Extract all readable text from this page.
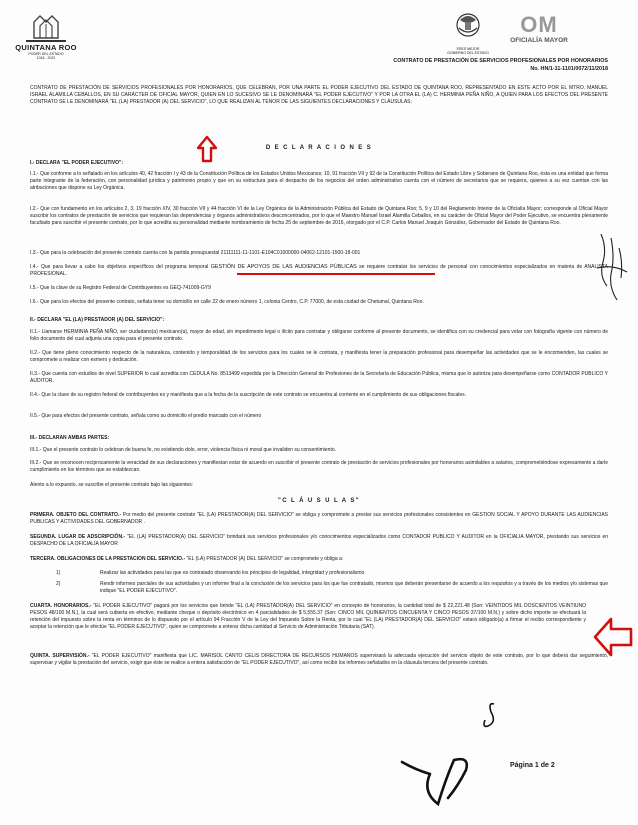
QUINTANA ROO
PODER DEL ESTADO
1016 - 2022
ERES MEJOR
GOBIERNO DEL ESTADO
OM
OFICIALÍA MAYOR
CONTRATO DE PRESTACIÓN DE SERVICIOS PROFESIONALES POR HONORARIOS
No. HN/1-11-1101/0072/11/2018
CONTRATO DE PRESTACIÓN DE SERVICIOS PROFESIONALES POR HONORARIOS, QUE CELEBRAN, POR UNA PARTE EL PODER EJECUTIVO DEL ESTADO DE QUINTANA ROO, REPRESENTADO EN ESTE ACTO POR EL MTRO. MANUEL ISRAEL ALAMILLA CEBALLOS, EN SU CARÁCTER DE OFICIAL MAYOR, QUIEN EN LO SUCESIVO SE LE DENOMINARÁ "EL PODER EJECUTIVO" Y POR LA OTRA EL (LA) C. HERMINIA PEÑA NIÑO, A QUIEN PARA LOS EFECTOS DEL PRESENTE CONTRATO SE LE DENOMINARÁ "EL (LA) PRESTADOR (A) DEL SERVICIO", LO QUE REALIZAN AL TENOR DE LAS SIGUIENTES DECLARACIONES Y CLÁUSULAS:
D E C L A R A C I O N E S
I.- DECLARA "EL PODER EJECUTIVO":
I.1.- Que conforme a lo señalado en los artículos 40, 42 fracción I y 43 de la Constitución Política de los Estados Unidos Mexicanos; 10, 91 fracción VII y 92 de la Constitución Política del Estado Libre y Soberano de Quintana Roo, ésta es una entidad que forma parte integrante de la federación, con personalidad jurídica y patrimonio propio y que en su estructura para el despacho de los negocios del orden administrativo cuenta con el número de secretarios que se requiera, quienes a su vez cuentan con las atribuciones que dispone su Ley Orgánica.
I.2.- Que con fundamento en los artículos 2, 3, 19 fracción XIV, 30 fracción VII y 44 fracción VI de la Ley Orgánica de la Administración Pública del Estado de Quintana Roo; 5, 9 y 10 del Reglamento Interior de la Oficialía Mayor; corresponde al Oficial Mayor suscribir los contratos de prestación de servicios que requieran las dependencias y órganos administrativos desconcentrados, por lo que el Maestro Manuel Israel Alamilla Ceballos, en su carácter de Oficial Mayor del Poder Ejecutivo, se encuentra plenamente facultado para suscribir el presente contrato, por lo que acredita su personalidad mediante nombramiento de fecha 25 de septiembre de 2016, otorgado por el C.P. Carlos Manuel Joaquín González, Gobernador del Estado de Quintana Roo.
I.3.- Que para la celebración del presente contrato cuenta con la partida presupuestal 21111111-11-1101-E104C01000000-04062-12101-1500-18-001
I.4.- Que para llevar a cabo los objetivos específicos del programa temporal GESTIÓN DE APOYOS DE LAS AUDIENCIAS PÚBLICAS se requiere contratar los servicios de personal con conocimientos especializados en materia de ANALISTA PROFESIONAL.
I.5.- Que la clave de su Registro Federal de Contribuyentes es GEQ-741009-GY9
I.6.- Que para los efectos del presente contrato, señala tener su domicilio en calle 22 de enero número 1, colonia Centro, C.P. 77000, de esta ciudad de Chetumal, Quintana Roo.
II.- DECLARA "EL (LA) PRESTADOR (A) DEL SERVICIO":
II.1.- Llamarse HERMINIA PEÑA NIÑO, ser ciudadano(a) mexicano(a), mayor de edad, sin impedimento legal o ilícito para contratar y obligarse conforme al presente documento, se identifica con su credencial para votar con fotografía vigente con número de folio documento del cual adjunta una copia para el presente contrato.
II.2.- Que tiene pleno conocimiento respecto de la naturaleza, contenido y temporalidad de los servicios para los cuales se le contrata, y manifiesta tener la preparación profesional para desempeñar las actividades que se le encomienden, las cuales se compromete a realizar con esmero y dedicación.
II.3.- Que cuenta con estudios de nivel SUPERIOR lo cual acredita con CEDULA No. 8513499 expedida por la Dirección General de Profesiones de la Secretaría de Educación Pública, misma que lo autoriza para desempeñarse como CONTADOR PUBLICO Y AUDITOR.
II.4.- Que la clave de su registro federal de contribuyentes es y manifiesta que a la fecha de la suscripción de este contrato se encuentra al corriente en el cumplimiento de sus obligaciones fiscales.
II.5.- Que para efectos del presente contrato, señala como su domicilio el predio marcado con el número
III.- DECLARAN AMBAS PARTES:
III.1.- Que el presente contrato lo celebran de buena fe, no existiendo dolo, error, violencia física ni moral que invaliden su consentimiento.
III.2.- Que se reconocen recíprocamente la veracidad de sus declaraciones y manifiestan estar de acuerdo en suscribir el presente contrato de prestación de servicios profesionales por honorarios asimilables a salarios, comprometiéndose expresamente a darle cumplimiento en los términos que se establezcan.
Atento a lo expuesto, se suscribe el presente contrato bajo las siguientes:
"C L Á U S U L A S"
PRIMERA. OBJETO DEL CONTRATO.- Por medio del presente contrato "EL (LA) PRESTADOR(A) DEL SERVICIO" se obliga y compromete a prestar sus servicios profesionales consistentes en GESTION SOCIAL Y APOYO DURANTE LAS AUDIENCIAS PUBLICAS Y ACTIVIDADES DEL GOBERNADOR .
SEGUNDA. LUGAR DE ADSCRIPCIÓN.- "EL (LA) PRESTADOR(A) DEL SERVICIO" brindará sus servicios profesionales y/o conocimientos especializados como CONTADOR PUBLICO Y AUDITOR en la OFICIALIA MAYOR, prestando sus servicios en DESPACHO DE LA OFICIALÍA MAYOR
TERCERA. OBLIGACIONES DE LA PRESTACION DEL SERVICIO.- "EL (LA) PRESTADOR (A) DEL SERVICIO" se compromete y obliga a:
1)	Realizar las actividades para las que es contratado observando los principios de legalidad, integridad y profesionalismo.
2)	Rendir informes parciales de sus actividades y un informe final a la conclusión de los servicios para los que fue contratado, mismos que deberán presentarse de acuerdo a los requisitos y a través de los medios y/o sistemas que indique "EL PODER EJECUTIVO".
CUARTA. HONORARIOS.- "EL PODER EJECUTIVO" pagará por los servicios que brinde "EL (LA) PRESTADOR(A) DEL SERVICIO" en concepto de honorarios, la cantidad total de $ 22,221.48 (Son: VEINTIDOS MIL DOSCIENTOS VEINTIUNO PESOS 48/100 M.N.), la cual será cubierta en efectivo, mediante cheque o depósito electrónico en 4 parcialidades de $ 5,555.37 (Son: CINCO MIL QUINIENTOS CINCUENTA Y CINCO PESOS 37/100 M.N.) y sobre dicho importe se efectuará la retención del impuesto sobre la renta en términos de lo dispuesto por el artículo 94 Fracción V de la Ley del Impuesto Sobre la Renta, por lo cual "EL (LA) PRESTADOR(A) DEL SERVICIO" estará obligado(a) a firmar el recibo correspondiente y aceptar la retención que le efectúe "EL PODER EJECUTIVO", quien se compromete a enterar dicha cantidad al Servicio de Administración Tributaria (SAT).
QUINTA. SUPERVISIÓN.- "EL PODER EJECUTIVO" manifiesta que LIC. MARISOL CANTO CELIS DIRECTORA DE RECURSOS HUMANOS supervisará la adecuada ejecución del servicio objeto de este contrato, por lo que deberá dar seguimiento, supervisar y vigilar la prestación del servicio, exigir que éste se realice a entera satisfacción de "EL PODER EJECUTIVO", así como recibir los informes señalados en la cláusula tercera del presente contrato.
Página 1 de 2
